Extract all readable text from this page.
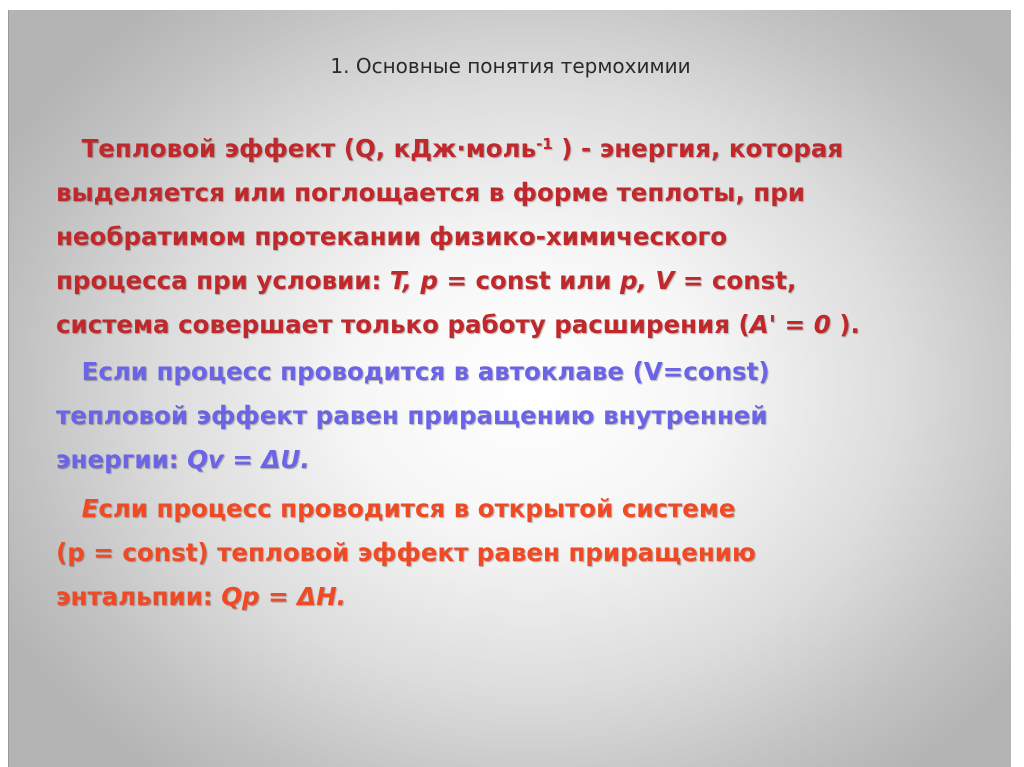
1. Основные понятия термохимии
Тепловой эффект (Q, кДж·моль$^{-1}$ ) - энергия, которая
выделяется или поглощается в форме теплоты, при
необратимом протекании физико-химического
процесса при условии: T, p = const или p, V = const,
система совершает только работу расширения (A' = 0 ).
Если процесс проводится в автоклаве (V=const)
тепловой эффект равен приращению внутренней
энергии: Qv = ΔU.
Если процесс проводится в открытой системе
(p = const) тепловой эффект равен приращению
энтальпии: Qp = ΔH.
